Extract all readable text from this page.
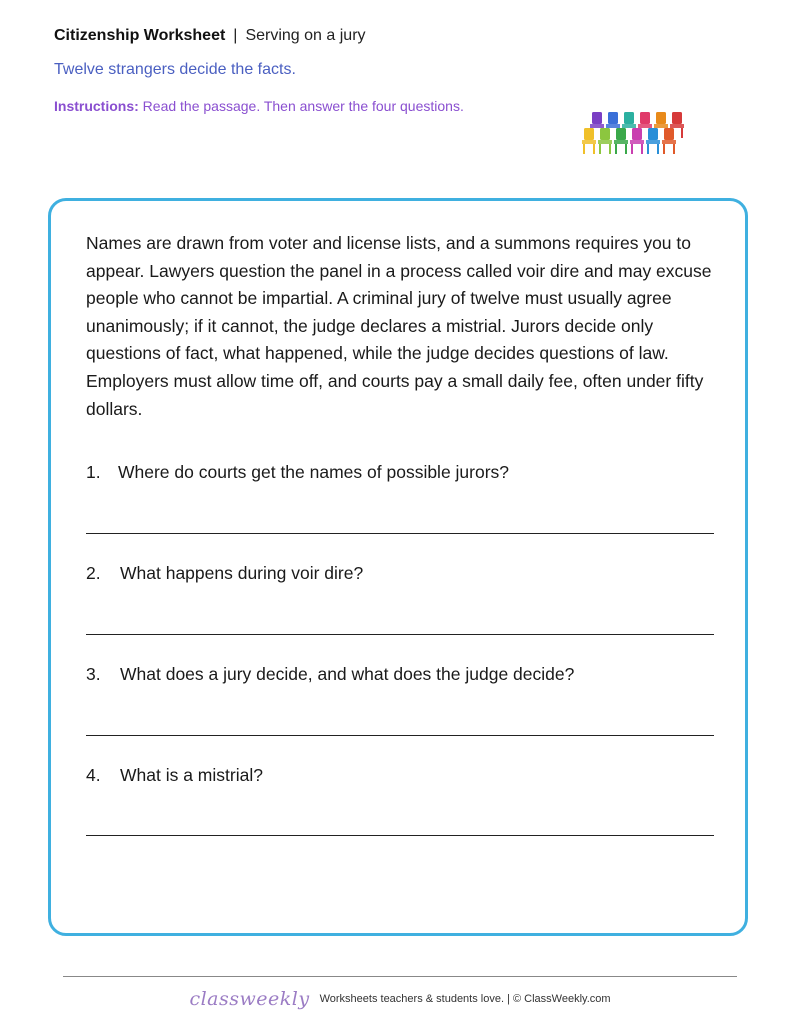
Citizenship Worksheet | Serving on a jury
Twelve strangers decide the facts.
Instructions: Read the passage. Then answer the four questions.
Names are drawn from voter and license lists, and a summons requires you to appear. Lawyers question the panel in a process called voir dire and may excuse people who cannot be impartial. A criminal jury of twelve must usually agree unanimously; if it cannot, the judge declares a mistrial. Jurors decide only questions of fact, what happened, while the judge decides questions of law. Employers must allow time off, and courts pay a small daily fee, often under fifty dollars.
1. Where do courts get the names of possible jurors?
2. What happens during voir dire?
3. What does a jury decide, and what does the judge decide?
4. What is a mistrial?
classweekly Worksheets teachers & students love. | © ClassWeekly.com
